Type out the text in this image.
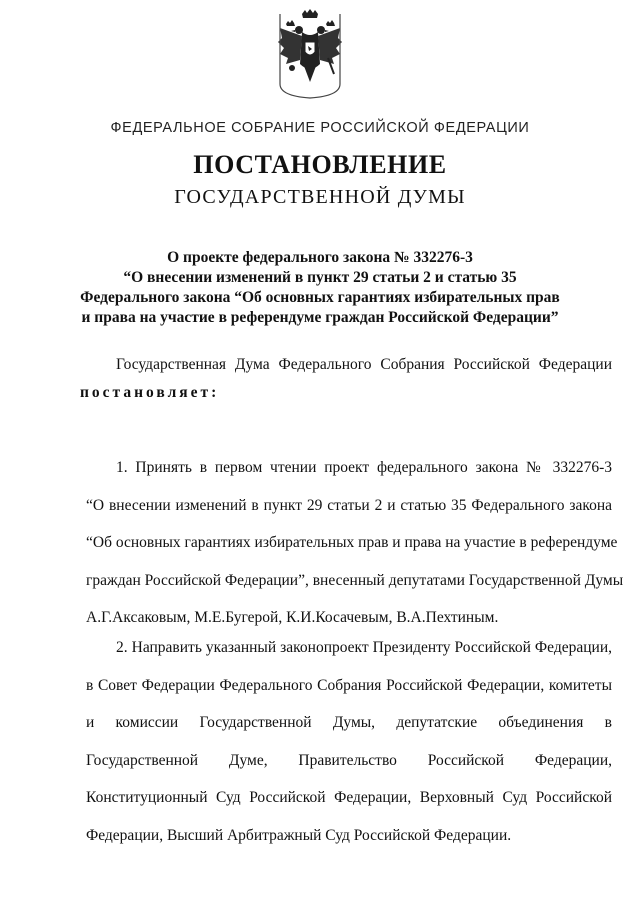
ФЕДЕРАЛЬНОЕ СОБРАНИЕ РОССИЙСКОЙ ФЕДЕРАЦИИ
ПОСТАНОВЛЕНИЕ
ГОСУДАРСТВЕННОЙ ДУМЫ
О проекте федерального закона № 332276-3
“О внесении изменений в пункт 29 статьи 2 и статью 35
Федерального закона “Об основных гарантиях избирательных прав
и права на участие в референдуме граждан Российской Федерации”
Государственная Дума Федерального Собрания Российской Федерации
постановляет:
1. Принять в первом чтении проект федерального закона № 332276-3
“О внесении изменений в пункт 29 статьи 2 и статью 35 Федерального закона
“Об основных гарантиях избирательных прав и права на участие в референдуме
граждан Российской Федерации”, внесенный депутатами Государственной Думы
А.Г.Аксаковым, М.Е.Бугерой, К.И.Косачевым, В.А.Пехтиным.
2. Направить указанный законопроект Президенту Российской Федерации,
в Совет Федерации Федерального Собрания Российской Федерации, комитеты
и комиссии Государственной Думы, депутатские объединения в
Государственной Думе, Правительство Российской Федерации,
Конституционный Суд Российской Федерации, Верховный Суд Российской
Федерации, Высший Арбитражный Суд Российской Федерации.
